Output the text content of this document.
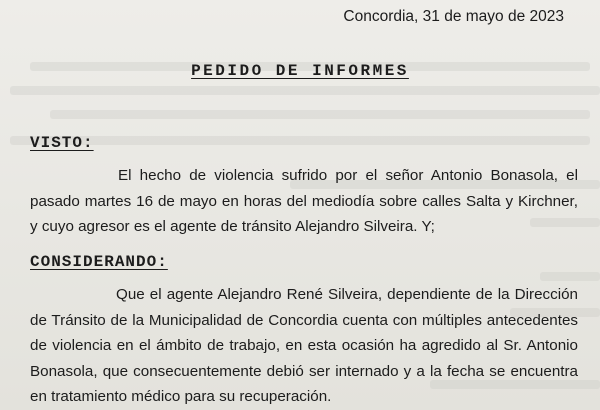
Concordia, 31 de mayo de 2023
PEDIDO DE INFORMES
VISTO:
El hecho de violencia sufrido por el señor Antonio Bonasola, el pasado martes 16 de mayo en horas del mediodía sobre calles Salta y Kirchner, y cuyo agresor es el agente de tránsito Alejandro Silveira. Y;
CONSIDERANDO:
Que el agente Alejandro René Silveira, dependiente de la Dirección de Tránsito de la Municipalidad de Concordia cuenta con múltiples antecedentes de violencia en el ámbito de trabajo, en esta ocasión ha agredido al Sr. Antonio Bonasola, que consecuentemente debió ser internado y a la fecha se encuentra en tratamiento médico para su recuperación.
